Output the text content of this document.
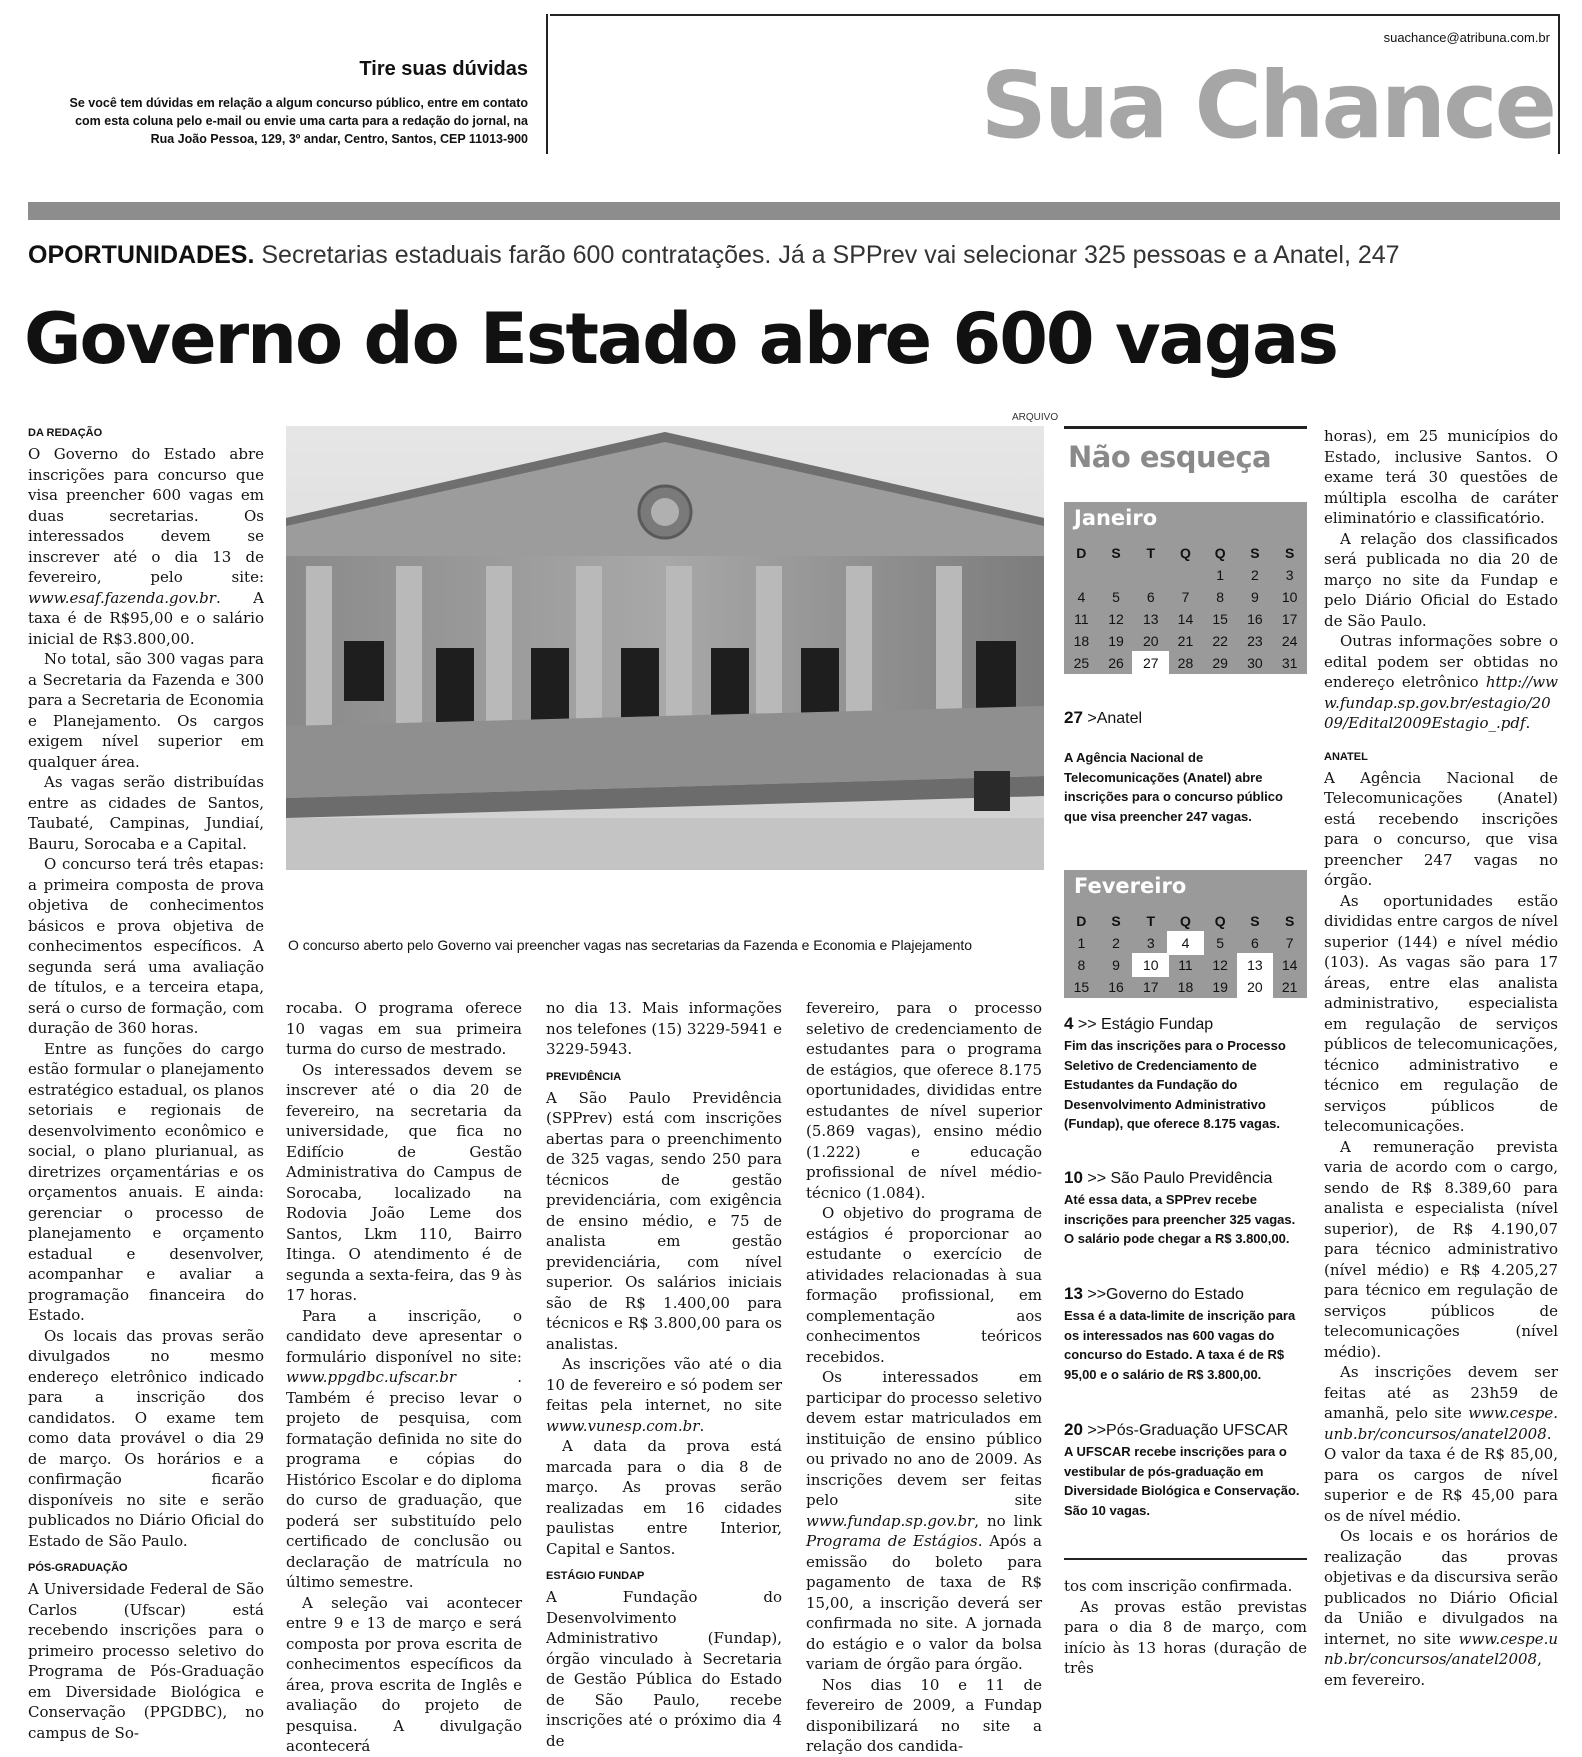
Tire suas dúvidas
Se você tem dúvidas em relação a algum concurso público, entre em contato com esta coluna pelo e-mail ou envie uma carta para a redação do jornal, na Rua João Pessoa, 129, 3º andar, Centro, Santos, CEP 11013-900
suachance@atribuna.com.br
Sua Chance
OPORTUNIDADES. Secretarias estaduais farão 600 contratações. Já a SPPrev vai selecionar 325 pessoas e a Anatel, 247
Governo do Estado abre 600 vagas
DA REDAÇÃO

O Governo do Estado abre inscrições para concurso que visa preencher 600 vagas em duas secretarias. Os interessados devem se inscrever até o dia 13 de fevereiro, pelo site: www.esaf.fazenda.gov.br. A taxa é de R$95,00 e o salário inicial de R$3.800,00.

No total, são 300 vagas para a Secretaria da Fazenda e 300 para a Secretaria de Economia e Planejamento. Os cargos exigem nível superior em qualquer área.

As vagas serão distribuídas entre as cidades de Santos, Taubaté, Campinas, Jundiaí, Bauru, Sorocaba e a Capital.

O concurso terá três etapas: a primeira composta de prova objetiva de conhecimentos básicos e prova objetiva de conhecimentos específicos. A segunda será uma avaliação de títulos, e a terceira etapa, será o curso de formação, com duração de 360 horas.

Entre as funções do cargo estão formular o planejamento estratégico estadual, os planos setoriais e regionais de desenvolvimento econômico e social, o plano plurianual, as diretrizes orçamentárias e os orçamentos anuais. E ainda: gerenciar o processo de planejamento e orçamento estadual e desenvolver, acompanhar e avaliar a programação financeira do Estado.

Os locais das provas serão divulgados no mesmo endereço eletrônico indicado para a inscrição dos candidatos. O exame tem como data provável o dia 29 de março. Os horários e a confirmação ficarão disponíveis no site e serão publicados no Diário Oficial do Estado de São Paulo.

PÓS-GRADUAÇÃO

A Universidade Federal de São Carlos (Ufscar) está recebendo inscrições para o primeiro processo seletivo do Programa de Pós-Graduação em Diversidade Biológica e Conservação (PPGDBC), no campus de So-

ARQUIVO
O concurso aberto pelo Governo vai preencher vagas nas secretarias da Fazenda e Economia e Plajejamento

rocaba. O programa oferece 10 vagas em sua primeira turma do curso de mestrado.

Os interessados devem se inscrever até o dia 20 de fevereiro, na secretaria da universidade, que fica no Edifício de Gestão Administrativa do Campus de Sorocaba, localizado na Rodovia João Leme dos Santos, Lkm 110, Bairro Itinga. O atendimento é de segunda a sexta-feira, das 9 às 17 horas.

Para a inscrição, o candidato deve apresentar o formulário disponível no site: www.ppgdbc.ufscar.br . Também é preciso levar o projeto de pesquisa, com formatação definida no site do programa e cópias do Histórico Escolar e do diploma do curso de graduação, que poderá ser substituído pelo certificado de conclusão ou declaração de matrícula no último semestre.

A seleção vai acontecer entre 9 e 13 de março e será composta por prova escrita de conhecimentos específicos da área, prova escrita de Inglês e avaliação do projeto de pesquisa. A divulgação acontecerá

no dia 13. Mais informações nos telefones (15) 3229-5941 e 3229-5943.

PREVIDÊNCIA

A São Paulo Previdência (SPPrev) está com inscrições abertas para o preenchimento de 325 vagas, sendo 250 para técnicos de gestão previdenciária, com exigência de ensino médio, e 75 de analista em gestão previdenciária, com nível superior. Os salários iniciais são de R$ 1.400,00 para técnicos e R$ 3.800,00 para os analistas.

As inscrições vão até o dia 10 de fevereiro e só podem ser feitas pela internet, no site www.vunesp.com.br.

A data da prova está marcada para o dia 8 de março. As provas serão realizadas em 16 cidades paulistas entre Interior, Capital e Santos.

ESTÁGIO FUNDAP

A Fundação do Desenvolvimento Administrativo (Fundap), órgão vinculado à Secretaria de Gestão Pública do Estado de São Paulo, recebe inscrições até o próximo dia 4 de

fevereiro, para o processo seletivo de credenciamento de estudantes para o programa de estágios, que oferece 8.175 oportunidades, divididas entre estudantes de nível superior (5.869 vagas), ensino médio (1.222) e educação profissional de nível médio-técnico (1.084).

O objetivo do programa de estágios é proporcionar ao estudante o exercício de atividades relacionadas à sua formação profissional, em complementação aos conhecimentos teóricos recebidos.

Os interessados em participar do processo seletivo devem estar matriculados em instituição de ensino público ou privado no ano de 2009. As inscrições devem ser feitas pelo site www.fundap.sp.gov.br, no link Programa de Estágios. Após a emissão do boleto para pagamento de taxa de R$ 15,00, a inscrição deverá ser confirmada no site. A jornada do estágio e o valor da bolsa variam de órgão para órgão.

Nos dias 10 e 11 de fevereiro de 2009, a Fundap disponibilizará no site a relação dos candida-

Não esqueça
Janeiro
D	S	T	Q	Q	S	S
				1	2	3
4	5	6	7	8	9	10
11	12	13	14	15	16	17
18	19	20	21	22	23	24
25	26	27	28	29	30	31
27 >Anatel
A Agência Nacional de Telecomunicações (Anatel) abre inscrições para o concurso público que visa preencher 247 vagas.
Fevereiro
D	S	T	Q	Q	S	S
1	2	3	4	5	6	7
8	9	10	11	12	13	14
15	16	17	18	19	20	21
4 >> Estágio Fundap
Fim das inscrições para o Processo Seletivo de Credenciamento de Estudantes da Fundação do Desenvolvimento Administrativo (Fundap), que oferece 8.175 vagas.
10 >> São Paulo Previdência
Até essa data, a SPPrev recebe inscrições para preencher 325 vagas. O salário pode chegar a R$ 3.800,00.
13 >>Governo do Estado
Essa é a data-limite de inscrição para os interessados nas 600 vagas do concurso do Estado. A taxa é de R$ 95,00 e o salário de R$ 3.800,00.
20 >>Pós-Graduação UFSCAR
A UFSCAR recebe inscrições para o vestibular de pós-graduação em Diversidade Biológica e Conservação. São 10 vagas.

tos com inscrição confirmada.

As provas estão previstas para o dia 8 de março, com início às 13 horas (duração de três

horas), em 25 municípios do Estado, inclusive Santos. O exame terá 30 questões de múltipla escolha de caráter eliminatório e classificatório.

A relação dos classificados será publicada no dia 20 de março no site da Fundap e pelo Diário Oficial do Estado de São Paulo.

Outras informações sobre o edital podem ser obtidas no endereço eletrônico http://www.fundap.sp.gov.br/estagio/2009/Edital2009Estagio_.pdf.

ANATEL

A Agência Nacional de Telecomunicações (Anatel) está recebendo inscrições para o concurso, que visa preencher 247 vagas no órgão.

As oportunidades estão divididas entre cargos de nível superior (144) e nível médio (103). As vagas são para 17 áreas, entre elas analista administrativo, especialista em regulação de serviços públicos de telecomunicações, técnico administrativo e técnico em regulação de serviços públicos de telecomunicações.

A remuneração prevista varia de acordo com o cargo, sendo de R$ 8.389,60 para analista e especialista (nível superior), de R$ 4.190,07 para técnico administrativo (nível médio) e R$ 4.205,27 para técnico em regulação de serviços públicos de telecomunicações (nível médio).

As inscrições devem ser feitas até as 23h59 de amanhã, pelo site www.cespe.unb.br/concursos/anatel2008. O valor da taxa é de R$ 85,00, para os cargos de nível superior e de R$ 45,00 para os de nível médio.

Os locais e os horários de realização das provas objetivas e da discursiva serão publicados no Diário Oficial da União e divulgados na internet, no site www.cespe.unb.br/concursos/anatel2008, em fevereiro.
